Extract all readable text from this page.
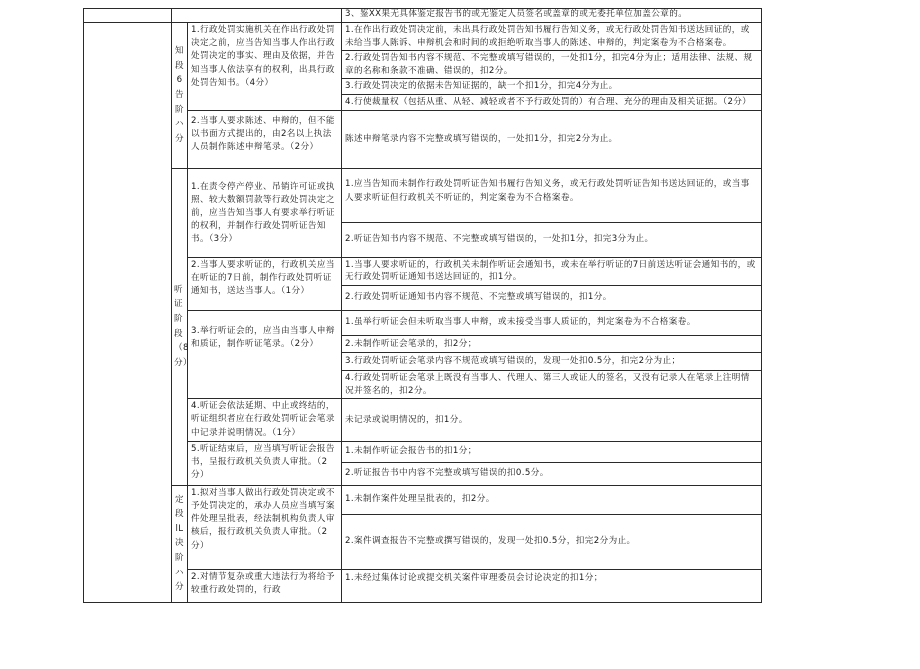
			3、鉴XX果无具体鉴定报告书的或无鉴定人员签名或盖章的或无委托单位加盖公章的。
	知段6告阶ハ分	1.行政处罚实施机关在作出行政处罚决定之前，应当告知当事人作出行政处罚决定的事实、理由及依据，并告知当事人依法享有的权利，出具行政处罚告知书。（4分）	1.在作出行政处罚决定前，未出具行政处罚告知书履行告知义务，或无行政处罚告知书送达回证的，或未给当事人陈诉、申辩机会和时间的或拒绝听取当事人的陈述、申辩的，判定案卷为不合格案卷。
			2.行政处罚告知书内容不规范、不完整或填写错误的，一处扣1分，扣完4分为止；适用法律、法规、规章的名称和条款不准确、错误的，扣2分。
			3.行政处罚决定的依据未告知证据的，缺一个扣1分，扣完4分为止。
			4.行使裁量权（包括从重、从轻、减轻或者不予行政处罚的）有合理、充分的理由及相关证据。（2分）
		2.当事人要求陈述、申辩的，但不能以书面方式提出的，由2名以上执法人员制作陈述申辩笔录。（2分）	陈述申辩笔录内容不完整或填写错误的，一处扣1分，扣完2分为止。
	听证阶段（8分）	1.在责令停产停业、吊销许可证或执照、较大数额罚款等行政处罚决定之前，应当告知当事人有要求举行听证的权利，并制作行政处罚听证告知书。（3分）	1.应当告知而未制作行政处罚听证告知书履行告知义务，或无行政处罚听证告知书送达回证的，或当事人要求听证但行政机关不听证的，判定案卷为不合格案卷。
			2.听证告知书内容不规范、不完整或填写错误的，一处扣1分，扣完3分为止。
		2.当事人要求听证的，行政机关应当在听证的7日前，制作行政处罚听证通知书，送达当事人。（1分）	1.当事人要求听证的，行政机关未制作听证会通知书，或未在举行听证的7日前送达听证会通知书的，或无行政处罚听证通知书送达回证的，扣1分。
			2.行政处罚听证通知书内容不规范、不完整或填写错误的，扣1分。
		3.举行听证会的，应当由当事人申辩和质证，制作听证笔录。（2分）	1.虽举行听证会但未听取当事人申辩，或未接受当事人质证的，判定案卷为不合格案卷。
			2.未制作听证会笔录的，扣2分；
			3.行政处罚听证会笔录内容不规范或填写错误的，发现一处扣0.5分，扣完2分为止；
			4.行政处罚听证会笔录上既没有当事人、代理人、第三人或证人的签名，又没有记录人在笔录上注明情况并签名的，扣2分。
		4.听证会依法延期、中止或终结的，听证组织者应在行政处罚听证会笔录中记录并说明情况。（1分）	未记录或说明情况的，扣1分。
		5.听证结束后，应当填写听证会报告书，呈报行政机关负责人审批。（2分）	1.未制作听证会报告书的扣1分；
			2.听证报告书中内容不完整或填写错误的扣0.5分。
	定段lL决阶ハ分	1.拟对当事人做出行政处罚决定或不予处罚决定的，承办人员应当填写案件处理呈批表，经法制机构负责人审核后，报行政机关负责人审批。（2分）	1.未制作案件处理呈批表的，扣2分。
			2.案件调查报告不完整或撰写错误的，发现一处扣0.5分，扣完2分为止。
		2.对情节复杂或重大违法行为将给予较重行政处罚的，行政	1.未经过集体讨论或提交机关案件审理委员会讨论决定的扣1分；
